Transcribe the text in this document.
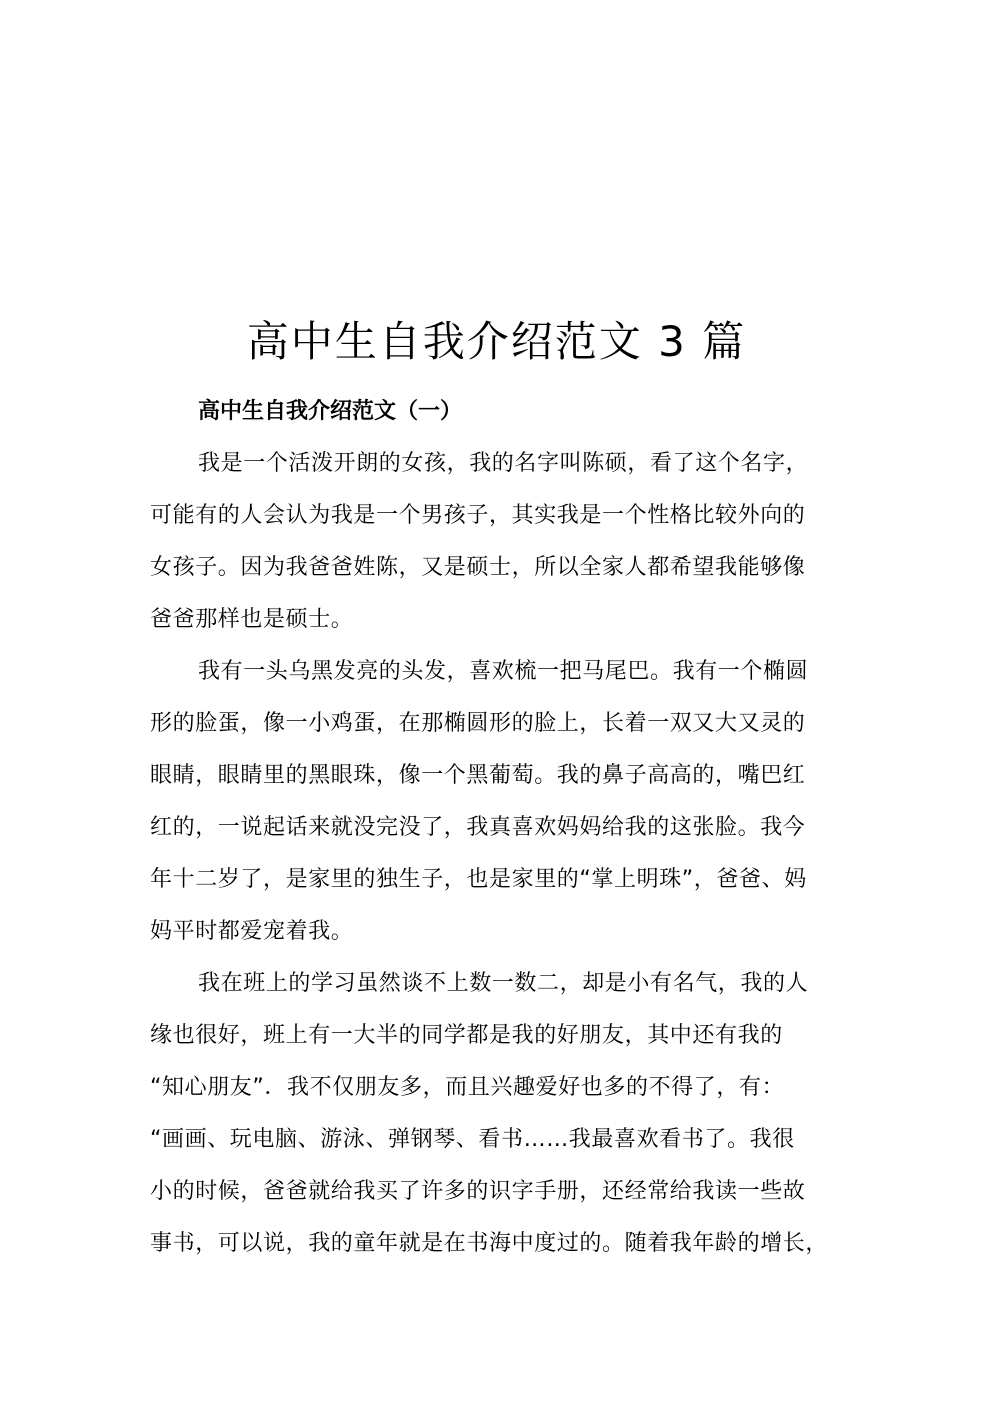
高中生自我介绍范文 3 篇
高中生自我介绍范文（一）

我是一个活泼开朗的女孩，我的名字叫陈硕，看了这个名字，

可能有的人会认为我是一个男孩子，其实我是一个性格比较外向的

女孩子。因为我爸爸姓陈，又是硕士，所以全家人都希望我能够像

爸爸那样也是硕士。

我有一头乌黑发亮的头发，喜欢梳一把马尾巴。我有一个椭圆

形的脸蛋，像一小鸡蛋，在那椭圆形的脸上，长着一双又大又灵的

眼睛，眼睛里的黑眼珠，像一个黑葡萄。我的鼻子高高的，嘴巴红

红的，一说起话来就没完没了，我真喜欢妈妈给我的这张脸。我今

年十二岁了，是家里的独生子，也是家里的“掌上明珠”，爸爸、妈

妈平时都爱宠着我。

我在班上的学习虽然谈不上数一数二，却是小有名气，我的人

缘也很好，班上有一大半的同学都是我的好朋友，其中还有我的

“知心朋友”．我不仅朋友多，而且兴趣爱好也多的不得了，有：

“画画、玩电脑、游泳、弹钢琴、看书……我最喜欢看书了。我很

小的时候，爸爸就给我买了许多的识字手册，还经常给我读一些故

事书，可以说，我的童年就是在书海中度过的。随着我年龄的增长，
